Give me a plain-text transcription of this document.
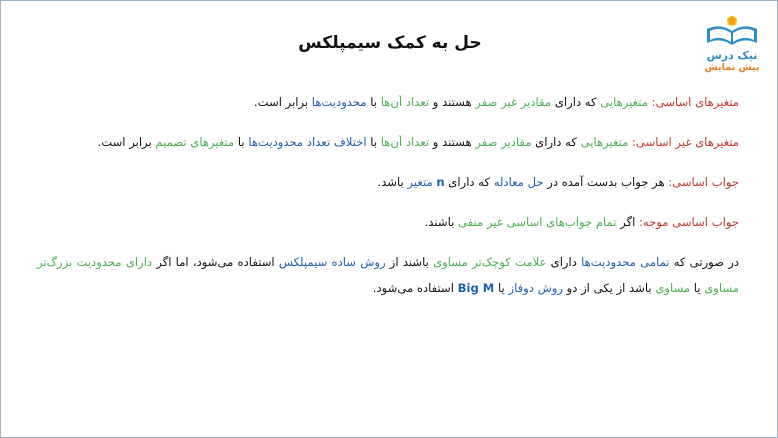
نیک درس
پیش نمایش
حل به کمک سیمپلکس

متغیرهای اساسی: متغیرهایی که دارای مقادیر غیر صفر هستند و تعداد آن‌ها با محدودیت‌ها برابر است.

متغیرهای غیر اساسی: متغیرهایی که دارای مقادیر صفر هستند و تعداد آن‌ها با اختلاف تعداد محدودیت‌ها با متغیرهای تصمیم برابر است.

جواب اساسی: هر جواب بدست آمده در حل معادله که دارای n متغیر باشد.

جواب اساسی موجه: اگر تمام جواب‌های اساسی غیر منفی باشند.

در صورتی که تمامی محدودیت‌ها دارای علامت کوچک‌تر مساوی باشند از روش ساده سیمپلکس استفاده می‌شود، اما اگر دارای محدودیت بزرگ‌تر مساوی یا مساوی باشد از یکی از دو روش دوفاز یا Big M استفاده می‌شود.
